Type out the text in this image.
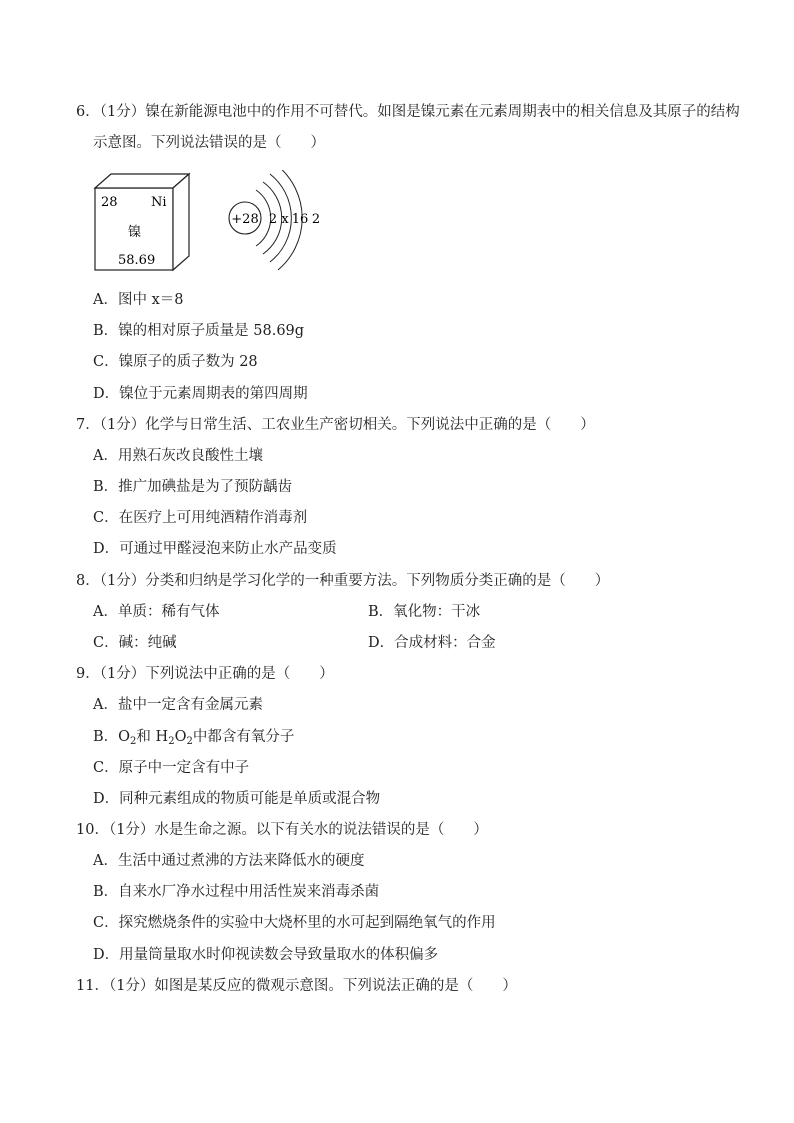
6．（1分）镍在新能源电池中的作用不可替代。如图是镍元素在元素周期表中的相关信息及其原子的结构
示意图。下列说法错误的是（　　）
28	Ni
镍
58.69
+28 2 x 16 2
A．图中 x＝8
B．镍的相对原子质量是 58.69g
C．镍原子的质子数为 28
D．镍位于元素周期表的第四周期
7．（1分）化学与日常生活、工农业生产密切相关。下列说法中正确的是（　　）
A．用熟石灰改良酸性土壤
B．推广加碘盐是为了预防龋齿
C．在医疗上可用纯酒精作消毒剂
D．可通过甲醛浸泡来防止水产品变质
8．（1分）分类和归纳是学习化学的一种重要方法。下列物质分类正确的是（　　）
A．单质：稀有气体	B．氧化物：干冰
C．碱：纯碱	D．合成材料：合金
9．（1分）下列说法中正确的是（　　）
A．盐中一定含有金属元素
B．$O_2$和 $H_2O_2$中都含有氧分子
C．原子中一定含有中子
D．同种元素组成的物质可能是单质或混合物
10．（1分）水是生命之源。以下有关水的说法错误的是（　　）
A．生活中通过煮沸的方法来降低水的硬度
B．自来水厂净水过程中用活性炭来消毒杀菌
C．探究燃烧条件的实验中大烧杯里的水可起到隔绝氧气的作用
D．用量筒量取水时仰视读数会导致量取水的体积偏多
11．（1分）如图是某反应的微观示意图。下列说法正确的是（　　）
